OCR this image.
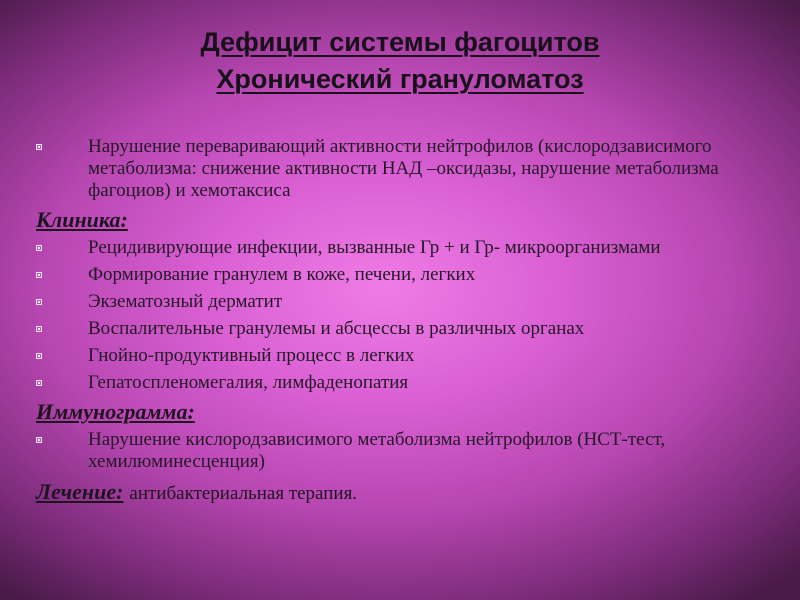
Дефицит системы фагоцитов
Хронический грануломатоз
Нарушение переваривающий активности нейтрофилов (кислородзависимого метаболизма: снижение активности НАД –оксидазы, нарушение метаболизма фагоциов) и хемотаксиса
Клиника:
Рецидивирующие инфекции, вызванные Гр + и Гр- микроорганизмами
Формирование гранулем в коже, печени, легких
Экзематозный дерматит
Воспалительные гранулемы и абсцессы в различных органах
Гнойно-продуктивный процесс в легких
Гепатоспленомегалия, лимфаденопатия
Иммунограмма:
Нарушение кислородзависимого метаболизма нейтрофилов (НСТ-тест, хемилюминесценция)
Лечение: антибактериальная терапия.
